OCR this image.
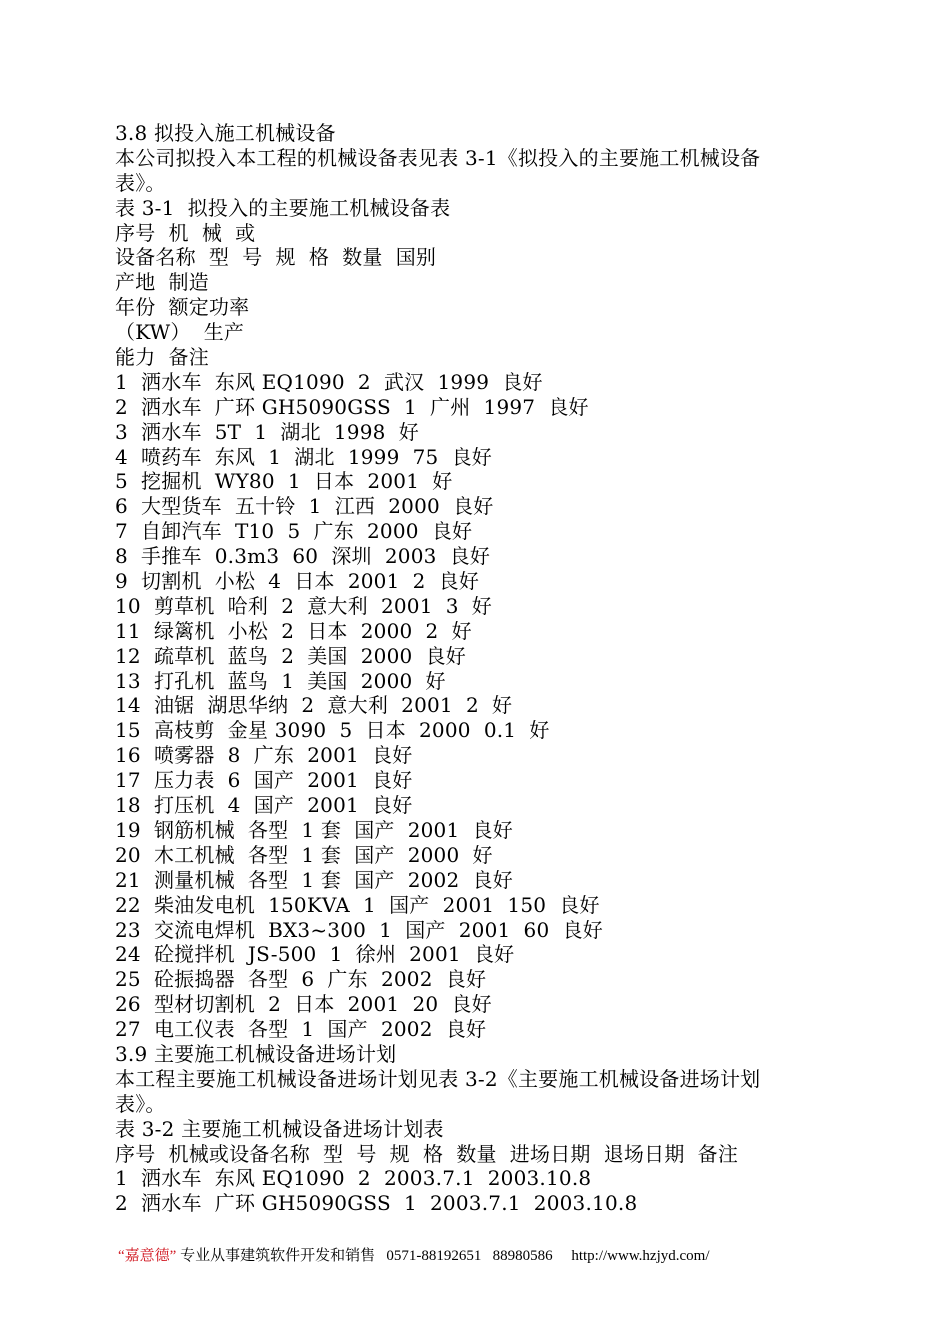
3.8 拟投入施工机械设备
本公司拟投入本工程的机械设备表见表 3-1《拟投入的主要施工机械设备
表》。
表 3-1  拟投入的主要施工机械设备表
序号  机  械  或
设备名称  型  号  规  格  数量  国别
产地  制造
年份  额定功率
（KW）  生产
能力  备注
1  洒水车  东风 EQ1090  2  武汉  1999  良好
2  洒水车  广环 GH5090GSS  1  广州  1997  良好
3  洒水车  5T  1  湖北  1998  好
4  喷药车  东风  1  湖北  1999  75  良好
5  挖掘机  WY80  1  日本  2001  好
6  大型货车  五十铃  1  江西  2000  良好
7  自卸汽车  T10  5  广东  2000  良好
8  手推车  0.3m3  60  深圳  2003  良好
9  切割机  小松  4  日本  2001  2  良好
10  剪草机  哈利  2  意大利  2001  3  好
11  绿篱机  小松  2  日本  2000  2  好
12  疏草机  蓝鸟  2  美国  2000  良好
13  打孔机  蓝鸟  1  美国  2000  好
14  油锯  湖思华纳  2  意大利  2001  2  好
15  高枝剪  金星 3090  5  日本  2000  0.1  好
16  喷雾器  8  广东  2001  良好
17  压力表  6  国产  2001  良好
18  打压机  4  国产  2001  良好
19  钢筋机械  各型  1 套  国产  2001  良好
20  木工机械  各型  1 套  国产  2000  好
21  测量机械  各型  1 套  国产  2002  良好
22  柴油发电机  150KVA  1  国产  2001  150  良好
23  交流电焊机  BX3~300  1  国产  2001  60  良好
24  砼搅拌机  JS-500  1  徐州  2001  良好
25  砼振捣器  各型  6  广东  2002  良好
26  型材切割机  2  日本  2001  20  良好
27  电工仪表  各型  1  国产  2002  良好
3.9 主要施工机械设备进场计划
本工程主要施工机械设备进场计划见表 3-2《主要施工机械设备进场计划
表》。
表 3-2 主要施工机械设备进场计划表
序号  机械或设备名称  型  号  规  格  数量  进场日期  退场日期  备注
1  洒水车  东风 EQ1090  2  2003.7.1  2003.10.8
2  洒水车  广环 GH5090GSS  1  2003.7.1  2003.10.8
“嘉意德” 专业从事建筑软件开发和销售   0571-88192651   88980586     http://www.hzjyd.com/
